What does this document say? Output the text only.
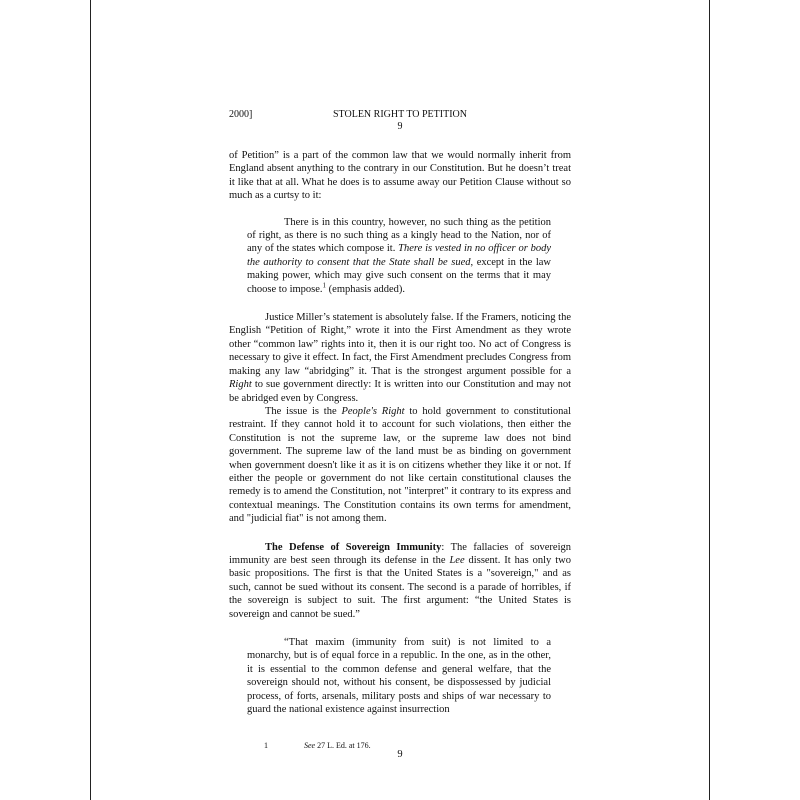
2000]	STOLEN RIGHT TO PETITION
9

of Petition” is a part of the common law that we would normally inherit from England absent anything to the contrary in our Constitution. But he doesn’t treat it like that at all. What he does is to assume away our Petition Clause without so much as a curtsy to it:

There is in this country, however, no such thing as the petition of right, as there is no such thing as a kingly head to the Nation, nor of any of the states which compose it. There is vested in no officer or body the authority to consent that the State shall be sued, except in the law making power, which may give such consent on the terms that it may choose to impose.$^1$ (emphasis added).

Justice Miller’s statement is absolutely false. If the Framers, noticing the English “Petition of Right,” wrote it into the First Amendment as they wrote other “common law” rights into it, then it is our right too. No act of Congress is necessary to give it effect. In fact, the First Amendment precludes Congress from making any law “abridging” it. That is the strongest argument possible for a Right to sue government directly: It is written into our Constitution and may not be abridged even by Congress.

The issue is the People's Right to hold government to constitutional restraint. If they cannot hold it to account for such violations, then either the Constitution is not the supreme law, or the supreme law does not bind government. The supreme law of the land must be as binding on government when government doesn't like it as it is on citizens whether they like it or not. If either the people or government do not like certain constitutional clauses the remedy is to amend the Constitution, not "interpret" it contrary to its express and contextual meanings. The Constitution contains its own terms for amendment, and "judicial fiat" is not among them.

The Defense of Sovereign Immunity: The fallacies of sovereign immunity are best seen through its defense in the Lee dissent. It has only two basic propositions. The first is that the United States is a "sovereign," and as such, cannot be sued without its consent. The second is a parade of horribles, if the sovereign is subject to suit. The first argument: “the United States is sovereign and cannot be sued.”

“That maxim (immunity from suit) is not limited to a monarchy, but is of equal force in a republic. In the one, as in the other, it is essential to the common defense and general welfare, that the sovereign should not, without his consent, be dispossessed by judicial process, of forts, arsenals, military posts and ships of war necessary to guard the national existence against insurrection

1	See 27 L. Ed. at 176.
9
